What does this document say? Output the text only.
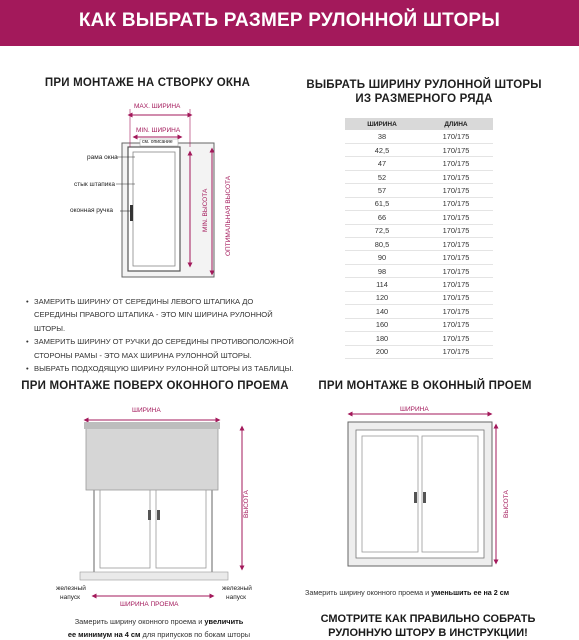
КАК ВЫБРАТЬ РАЗМЕР РУЛОННОЙ ШТОРЫ
ПРИ МОНТАЖЕ НА СТВОРКУ ОКНА
MAX. ШИРИНА
MIN. ШИРИНА
см. описание
рама окна
стык штапика
оконная ручка	MIN. ВЫСОТА ОПТИМАЛЬНАЯ ВЫСОТА
• ЗАМЕРИТЬ ШИРИНУ ОТ СЕРЕДИНЫ ЛЕВОГО ШТАПИКА ДО СЕРЕДИНЫ ПРАВОГО ШТАПИКА - ЭТО MIN ШИРИНА РУЛОННОЙ ШТОРЫ.
• ЗАМЕРИТЬ ШИРИНУ ОТ РУЧКИ ДО СЕРЕДИНЫ ПРОТИВОПОЛОЖНОЙ СТОРОНЫ РАМЫ - ЭТО MAX ШИРИНА РУЛОННОЙ ШТОРЫ.
• ВЫБРАТЬ ПОДХОДЯЩУЮ ШИРИНУ РУЛОННОЙ ШТОРЫ ИЗ ТАБЛИЦЫ.
ВЫБРАТЬ ШИРИНУ РУЛОННОЙ ШТОРЫ
ИЗ РАЗМЕРНОГО РЯДА
ШИРИНА	ДЛИНА
38	170/175
42,5	170/175
47	170/175
52	170/175
57	170/175
61,5	170/175
66	170/175
72,5	170/175
80,5	170/175
90	170/175
98	170/175
114	170/175
120	170/175
140	170/175
160	170/175
180	170/175
200	170/175
ПРИ МОНТАЖЕ ПОВЕРХ ОКОННОГО ПРОЕМА
ШИРИНА
ВЫСОТА
железный
напуск
железный
напуск
ШИРИНА ПРОЕМА
Замерить ширину оконного проема и увеличить
ее минимум на 4 см для припусков по бокам шторы
ПРИ МОНТАЖЕ В ОКОННЫЙ ПРОЕМ
ШИРИНА
ВЫСОТА
Замерить ширину оконного проема и уменьшить ее на 2 см
СМОТРИТЕ КАК ПРАВИЛЬНО СОБРАТЬ
РУЛОННУЮ ШТОРУ В ИНСТРУКЦИИ!
